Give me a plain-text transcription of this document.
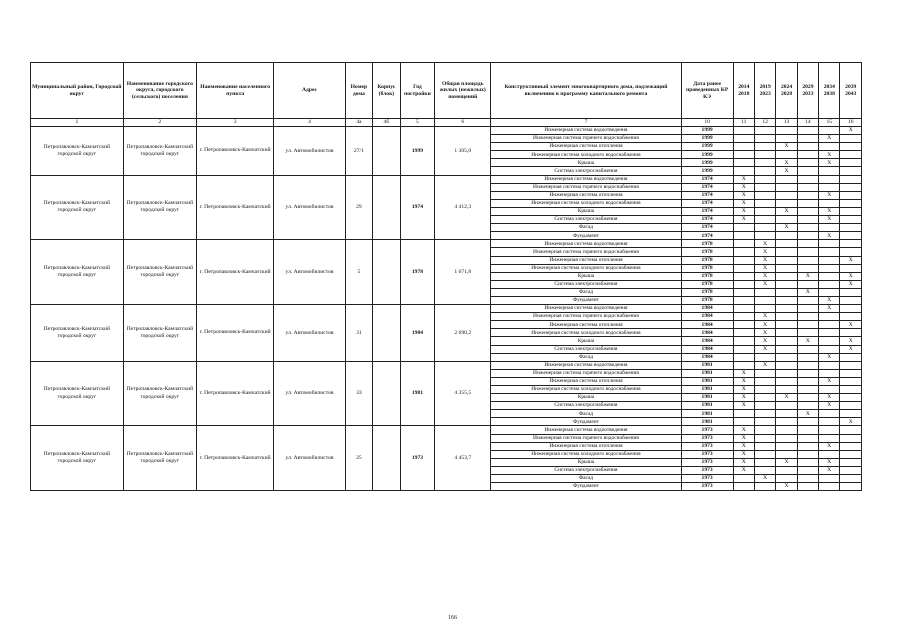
Муниципальный район, Городской округ	Наименование городского округа, городского (сельского) поселения	Наименование населенного пункта	Адрес	Номер дома	Корпус (блок)	Год постройки	Общая площадь жилых (нежилых) помещений	Конструктивный элемент многоквартирного дома, подлежащий включению в программу капитального ремонта	Дата ранее проведенных КР КЭ	2014 2018	2019 2023	2024 2028	2029 2033	2034 2038	2039 2043
1	2	3	4	4а	4б	5	6	7	10	11	12	13	14	15	16
Петропавловск-Камчатский городской округ	Петропавловск-Камчатский городской округ	г. Петропавловск-Камчатский	ул. Автомобилистов	27/1		1999	1 305,0	Инженерная система водоотведения	1999						Х
								Инженерная система горячего водоснабжения	1999					Х	
								Инженерная система отопления	1999			Х			
								Инженерная система холодного водоснабжения	1999					Х	
								Крыша	1999			Х		Х	
								Система электроснабжения	1999			Х			
Петропавловск-Камчатский городской округ	Петропавловск-Камчатский городской округ	г. Петропавловск-Камчатский	ул. Автомобилистов	29		1974	4 412,3	Инженерная система водоотведения	1974	Х					
								Инженерная система горячего водоснабжения	1974	Х					
								Инженерная система отопления	1974	Х				Х	
								Инженерная система холодного водоснабжения	1974	Х					
								Крыша	1974	Х		Х		Х	
								Система электроснабжения	1974	Х				Х	
								Фасад	1974			Х			
								Фундамент	1974					Х	
Петропавловск-Камчатский городской округ	Петропавловск-Камчатский городской округ	г. Петропавловск-Камчатский	ул. Автомобилистов	5		1978	1 671,8	Инженерная система водоотведения	1978		Х				
								Инженерная система горячего водоснабжения	1978		Х				
								Инженерная система отопления	1978		Х				Х
								Инженерная система холодного водоснабжения	1978		Х				
								Крыша	1978		Х		Х		Х
								Система электроснабжения	1978		Х				Х
								Фасад	1978				Х		
								Фундамент	1978					Х	
Петропавловск-Камчатский городской округ	Петропавловск-Камчатский городской округ	г. Петропавловск-Камчатский	ул. Автомобилистов	31		1984	2 690,2	Инженерная система водоотведения	1984					Х	
								Инженерная система горячего водоснабжения	1984		Х				
								Инженерная система отопления	1984		Х				Х
								Инженерная система холодного водоснабжения	1984		Х				
								Крыша	1984		Х		Х		Х
								Система электроснабжения	1984		Х				Х
								Фасад	1984					Х	
Петропавловск-Камчатский городской округ	Петропавловск-Камчатский городской округ	г. Петропавловск-Камчатский	ул. Автомобилистов	33		1981	4 355,5	Инженерная система водоотведения	1981		Х				
								Инженерная система горячего водоснабжения	1981	Х					
								Инженерная система отопления	1981	Х				Х	
								Инженерная система холодного водоснабжения	1981	Х					
								Крыша	1981	Х		Х		Х	
								Система электроснабжения	1981	Х				Х	
								Фасад	1981				Х		
								Фундамент	1981						Х
Петропавловск-Камчатский городской округ	Петропавловск-Камчатский городской округ	г. Петропавловск-Камчатский	ул. Автомобилистов	25		1973	4 453,7	Инженерная система водоотведения	1973	Х					
								Инженерная система горячего водоснабжения	1973	Х					
								Инженерная система отопления	1973	Х				Х	
								Инженерная система холодного водоснабжения	1973	Х					
								Крыша	1973	Х		Х		Х	
								Система электроснабжения	1973	Х				Х	
								Фасад	1973		Х				
								Фундамент	1973			Х			
166
